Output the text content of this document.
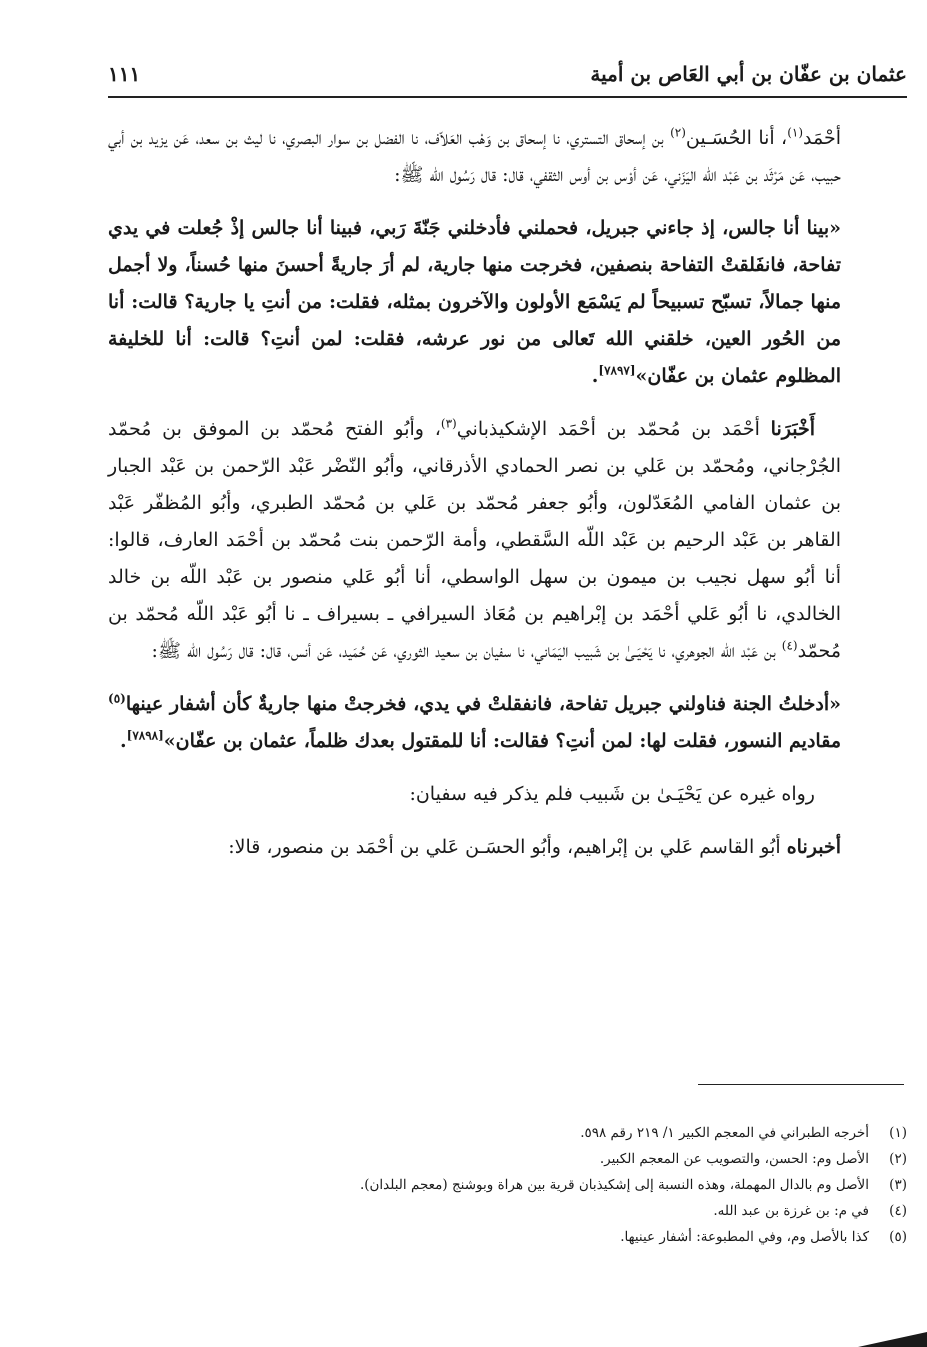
عثمان بن عفّان بن أبي العَاص بن أمية
١١١

أحْمَد$^{(١)}$، أنا الحُسَـين$^{(٢)}$ بن إسحاق التستري، نا إسحاق بن وَهْب العَلاّف، نا الفضل بن سوار البصري، نا ليث بن سعد، عَن يزيد بن أبي حبيب، عَن مَرْثَد بن عَبْد اللّه اليَزَني، عَن أوْس بن أوس الثقفي، قال: قال رَسُول الله ﷺ:

«بينا أنا جالس، إذ جاءني جبريل، فحملني فأدخلني جَنّةَ رَبي، فبينا أنا جالس إذْ جُعلت في يدي تفاحة، فانفَلقتْ التفاحة بنصفين، فخرجت منها جارية، لم أرَ جاريةً أحسنَ منها حُسناً، ولا أجمل منها جمالاً، تسبّح تسبيحاً لم يَسْمَع الأولون والآخرون بمثله، فقلت: من أنتِ يا جارية؟ قالت: أنا من الحُور العين، خلقني الله تَعالى من نور عرشه، فقلت: لمن أنتِ؟ قالت: أنا للخليفة المظلوم عثمان بن عفّان»[٧٨٩٧].

أَخْبَرَنا أحْمَد بن مُحمّد بن أحْمَد الإشكيذباني$^{(٣)}$، وأبُو الفتح مُحمّد بن الموفق بن مُحمّد الجُرْجاني، ومُحمّد بن عَلي بن نصر الحمادي الأذرقاني، وأبُو النّضْر عَبْد الرّحمن بن عَبْد الجبار بن عثمان الفامي المُعَدّلون، وأبُو جعفر مُحمّد بن عَلي بن مُحمّد الطبري، وأبُو المُظفّر عَبْد القاهر بن عَبْد الرحيم بن عَبْد اللّه السَّقطي، وأمة الرّحمن بنت مُحمّد بن أحْمَد العارف، قالوا: أنا أبُو سهل نجيب بن ميمون بن سهل الواسطي، أنا أبُو عَلي منصور بن عَبْد اللّه بن خالد الخالدي، نا أبُو عَلي أحْمَد بن إبْراهيم بن مُعَاذ السيرافي ـ بسيراف ـ نا أبُو عَبْد اللّه مُحمّد بن مُحمّد$^{(٤)}$ بن عَبْد اللّه الجوهري، نا يَحْيَـىٰ بن شَبيب اليَمَاني، نا سفيان بن سعيد الثوري، عَن حُمَيد، عَن أنس، قال: قال رَسُول الله ﷺ:

«أدخلتُ الجنة فناولني جبريل تفاحة، فانفقلتْ في يدي، فخرجتْ منها جاريةٌ كأن أشفار عينها$^{(٥)}$ مقاديم النسور، فقلت لها: لمن أنتِ؟ فقالت: أنا للمقتول بعدك ظلماً، عثمان بن عفّان»[٧٨٩٨].

رواه غيره عن يَحْيَـىٰ بن شَبيب فلم يذكر فيه سفيان:

أخبرناه أبُو القاسم عَلي بن إبْراهيم، وأبُو الحسَـن عَلي بن أحْمَد بن منصور، قالا:

(١)أخرجه الطبراني في المعجم الكبير ١/ ٢١٩ رقم ٥٩٨.
(٢)الأصل وم: الحسن، والتصويب عن المعجم الكبير.
(٣)الأصل وم بالدال المهملة، وهذه النسبة إلى إشكيذبان قرية بين هراة وبوشنج (معجم البلدان).
(٤)في م: بن غرزة بن عبد الله.
(٥)كذا بالأصل وم، وفي المطبوعة: أشفار عينيها.
